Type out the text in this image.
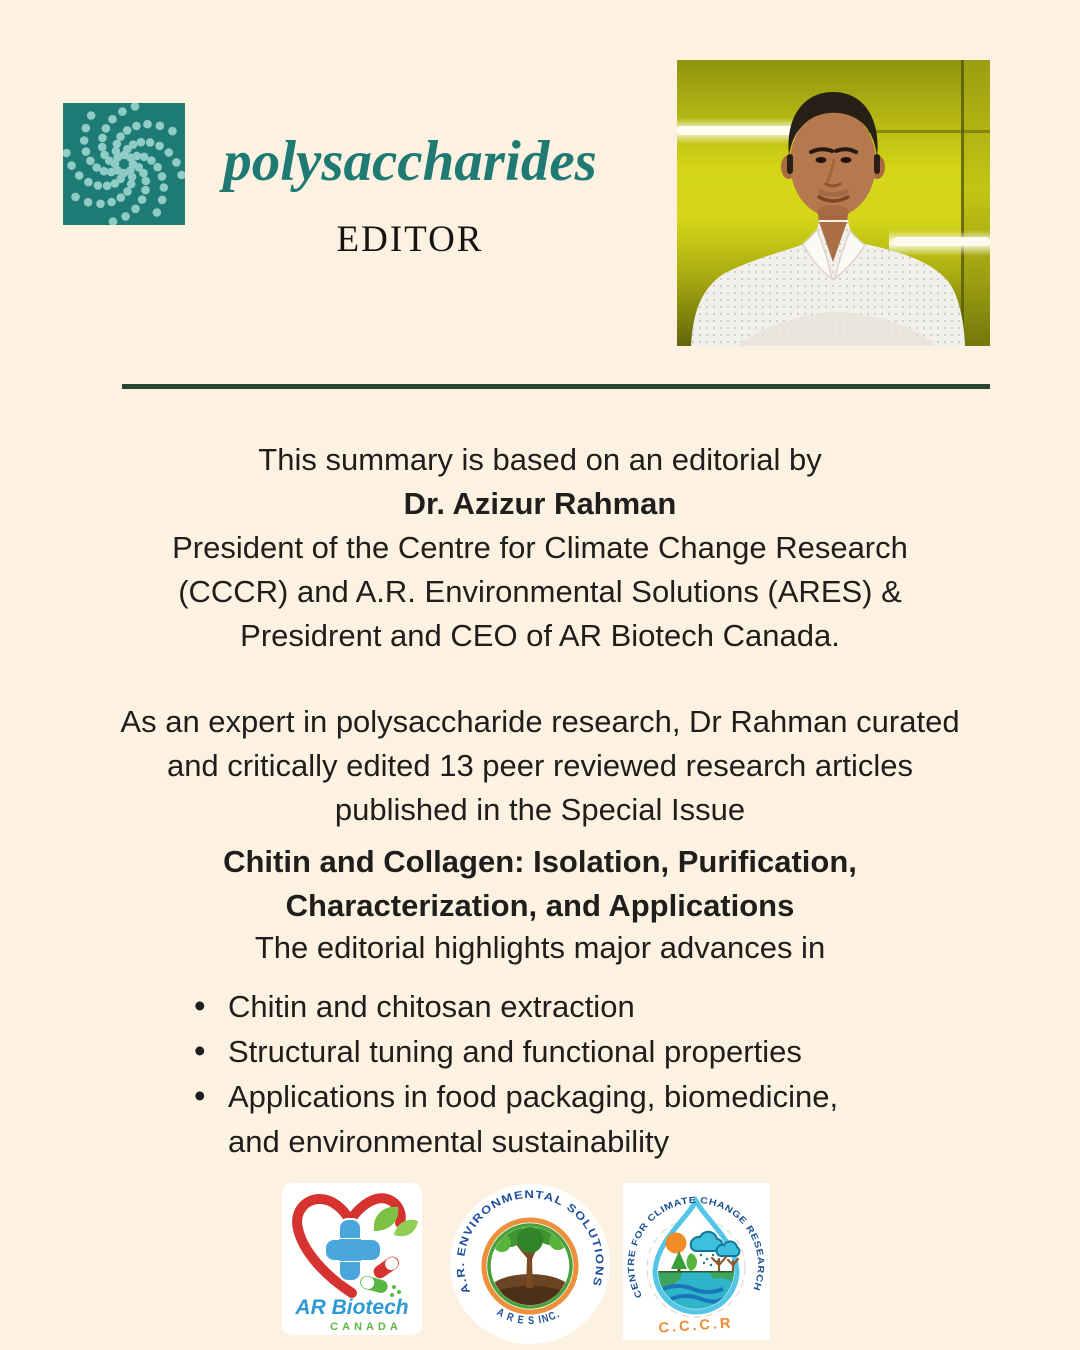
polysaccharides
EDITOR
This summary is based on an editorial by
Dr. Azizur Rahman
President of the Centre for Climate Change Research
(CCCR) and A.R. Environmental Solutions (ARES) &
Presidrent and CEO of AR Biotech Canada.
As an expert in polysaccharide research, Dr Rahman curated
and critically edited 13 peer reviewed research articles
published in the Special Issue
Chitin and Collagen: Isolation, Purification,
Characterization, and Applications
The editorial highlights major advances in
• Chitin and chitosan extraction
• Structural tuning and functional properties
• Applications in food packaging, biomedicine, and environmental sustainability
AR Biotech
CANADA
A.R. ENVIRONMENTAL SOLUTIONS
A R E S INC.
CENTRE FOR CLIMATE CHANGE RESEARCH
C.C.C.R
